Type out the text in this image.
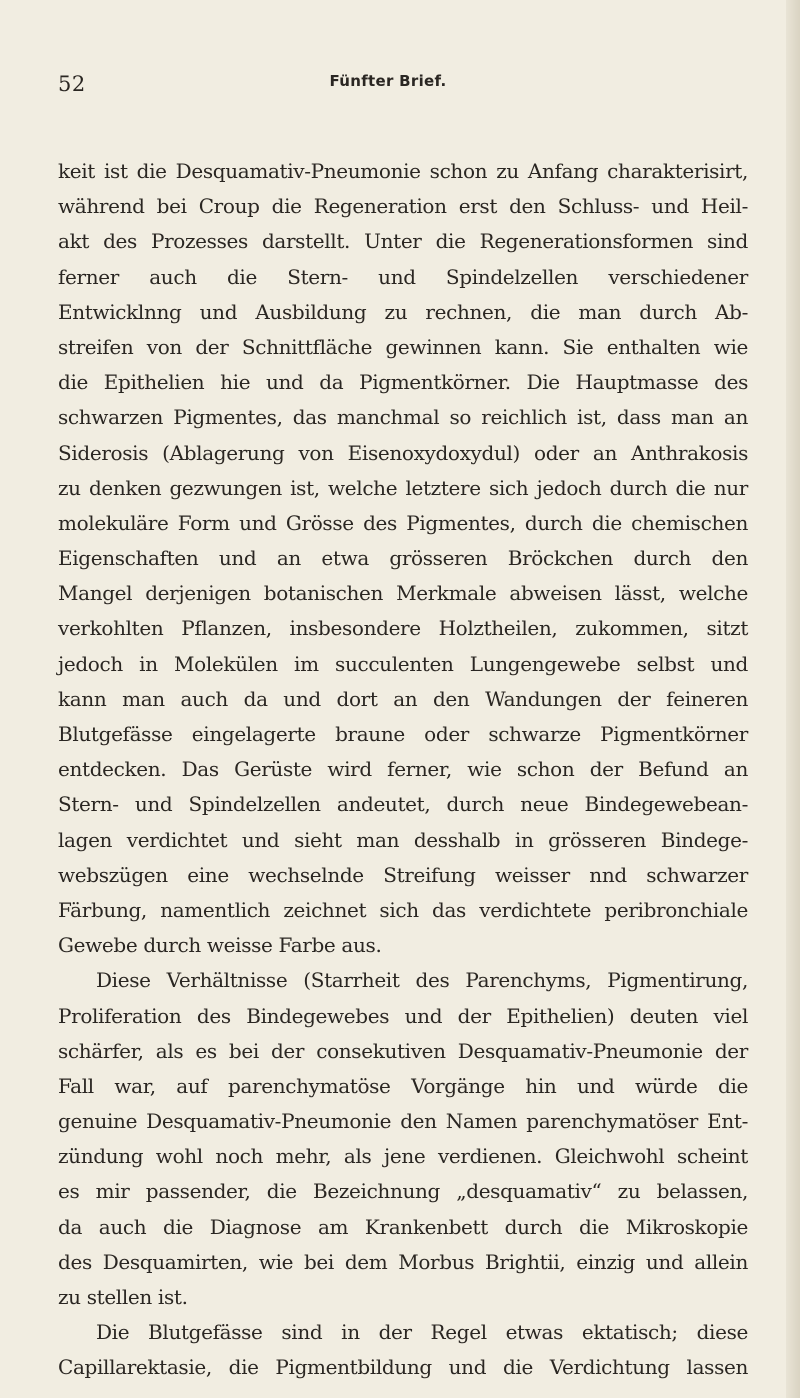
52	Fünfter Brief.
keit ist die Desquamativ-Pneumonie schon zu Anfang charakterisirt,
während bei Croup die Regeneration erst den Schluss- und Heil-
akt des Prozesses darstellt. Unter die Regenerationsformen sind
ferner auch die Stern- und Spindelzellen verschiedener
Entwicklnng und Ausbildung zu rechnen, die man durch Ab-
streifen von der Schnittfläche gewinnen kann. Sie enthalten wie
die Epithelien hie und da Pigmentkörner. Die Hauptmasse des
schwarzen Pigmentes, das manchmal so reichlich ist, dass man an
Siderosis (Ablagerung von Eisenoxydoxydul) oder an Anthrakosis
zu denken gezwungen ist, welche letztere sich jedoch durch die nur
molekuläre Form und Grösse des Pigmentes, durch die chemischen
Eigenschaften und an etwa grösseren Bröckchen durch den
Mangel derjenigen botanischen Merkmale abweisen lässt, welche
verkohlten Pflanzen, insbesondere Holztheilen, zukommen, sitzt
jedoch in Molekülen im succulenten Lungengewebe selbst und
kann man auch da und dort an den Wandungen der feineren
Blutgefässe eingelagerte braune oder schwarze Pigmentkörner
entdecken. Das Gerüste wird ferner, wie schon der Befund an
Stern- und Spindelzellen andeutet, durch neue Bindegewebean-
lagen verdichtet und sieht man desshalb in grösseren Bindege-
webszügen eine wechselnde Streifung weisser nnd schwarzer
Färbung, namentlich zeichnet sich das verdichtete peribronchiale
Gewebe durch weisse Farbe aus.
Diese Verhältnisse (Starrheit des Parenchyms, Pigmentirung,
Proliferation des Bindegewebes und der Epithelien) deuten viel
schärfer, als es bei der consekutiven Desquamativ-Pneumonie der
Fall war, auf parenchymatöse Vorgänge hin und würde die
genuine Desquamativ-Pneumonie den Namen parenchymatöser Ent-
zündung wohl noch mehr, als jene verdienen. Gleichwohl scheint
es mir passender, die Bezeichnung „desquamativ“ zu belassen,
da auch die Diagnose am Krankenbett durch die Mikroskopie
des Desquamirten, wie bei dem Morbus Brightii, einzig und allein
zu stellen ist.
Die Blutgefässe sind in der Regel etwas ektatisch; diese
Capillarektasie, die Pigmentbildung und die Verdichtung lassen
